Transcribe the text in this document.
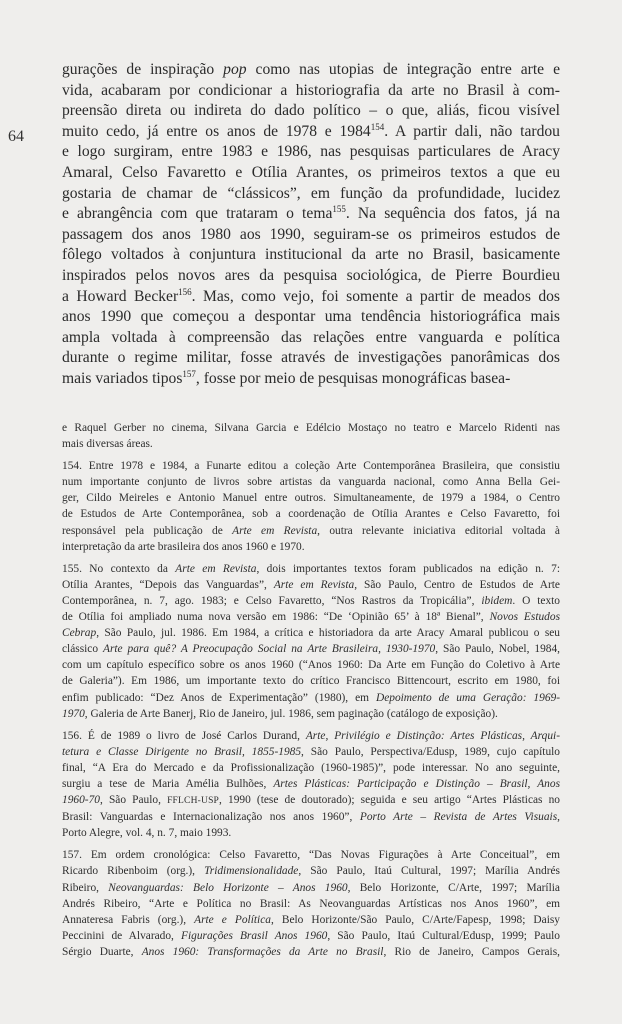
64
gurações de inspiração pop como nas utopias de integração entre arte e
vida, acabaram por condicionar a historiografia da arte no Brasil à com-
preensão direta ou indireta do dado político – o que, aliás, ficou visível
muito cedo, já entre os anos de 1978 e 1984$^{154}$. A partir dali, não tardou
e logo surgiram, entre 1983 e 1986, nas pesquisas particulares de Aracy
Amaral, Celso Favaretto e Otília Arantes, os primeiros textos a que eu
gostaria de chamar de “clássicos”, em função da profundidade, lucidez
e abrangência com que trataram o tema$^{155}$. Na sequência dos fatos, já na
passagem dos anos 1980 aos 1990, seguiram-se os primeiros estudos de
fôlego voltados à conjuntura institucional da arte no Brasil, basicamente
inspirados pelos novos ares da pesquisa sociológica, de Pierre Bourdieu
a Howard Becker$^{156}$. Mas, como vejo, foi somente a partir de meados dos
anos 1990 que começou a despontar uma tendência historiográfica mais
ampla voltada à compreensão das relações entre vanguarda e política
durante o regime militar, fosse através de investigações panorâmicas dos
mais variados tipos$^{157}$, fosse por meio de pesquisas monográficas basea-
e Raquel Gerber no cinema, Silvana Garcia e Edélcio Mostaço no teatro e Marcelo Ridenti nas
mais diversas áreas.
154. Entre 1978 e 1984, a Funarte editou a coleção Arte Contemporânea Brasileira, que consistiu
num importante conjunto de livros sobre artistas da vanguarda nacional, como Anna Bella Gei-
ger, Cildo Meireles e Antonio Manuel entre outros. Simultaneamente, de 1979 a 1984, o Centro
de Estudos de Arte Contemporânea, sob a coordenação de Otília Arantes e Celso Favaretto, foi
responsável pela publicação de Arte em Revista, outra relevante iniciativa editorial voltada à
interpretação da arte brasileira dos anos 1960 e 1970.
155. No contexto da Arte em Revista, dois importantes textos foram publicados na edição n. 7:
Otília Arantes, “Depois das Vanguardas”, Arte em Revista, São Paulo, Centro de Estudos de Arte
Contemporânea, n. 7, ago. 1983; e Celso Favaretto, “Nos Rastros da Tropicália”, ibidem. O texto
de Otília foi ampliado numa nova versão em 1986: “De ‘Opinião 65’ à 18ª Bienal”, Novos Estudos
Cebrap, São Paulo, jul. 1986. Em 1984, a crítica e historiadora da arte Aracy Amaral publicou o seu
clássico Arte para quê? A Preocupação Social na Arte Brasileira, 1930-1970, São Paulo, Nobel, 1984,
com um capítulo específico sobre os anos 1960 (“Anos 1960: Da Arte em Função do Coletivo à Arte
de Galeria”). Em 1986, um importante texto do crítico Francisco Bittencourt, escrito em 1980, foi
enfim publicado: “Dez Anos de Experimentação” (1980), em Depoimento de uma Geração: 1969-
1970, Galeria de Arte Banerj, Rio de Janeiro, jul. 1986, sem paginação (catálogo de exposição).
156. É de 1989 o livro de José Carlos Durand, Arte, Privilégio e Distinção: Artes Plásticas, Arqui-
tetura e Classe Dirigente no Brasil, 1855-1985, São Paulo, Perspectiva/Edusp, 1989, cujo capítulo
final, “A Era do Mercado e da Profissionalização (1960-1985)”, pode interessar. No ano seguinte,
surgiu a tese de Maria Amélia Bulhões, Artes Plásticas: Participação e Distinção – Brasil, Anos
1960-70, São Paulo, FFLCH-USP, 1990 (tese de doutorado); seguida e seu artigo “Artes Plásticas no
Brasil: Vanguardas e Internacionalização nos anos 1960”, Porto Arte – Revista de Artes Visuais,
Porto Alegre, vol. 4, n. 7, maio 1993.
157. Em ordem cronológica: Celso Favaretto, “Das Novas Figurações à Arte Conceitual”, em
Ricardo Ribenboim (org.), Tridimensionalidade, São Paulo, Itaú Cultural, 1997; Marília Andrés
Ribeiro, Neovanguardas: Belo Horizonte – Anos 1960, Belo Horizonte, C/Arte, 1997; Marília
Andrés Ribeiro, “Arte e Política no Brasil: As Neovanguardas Artísticas nos Anos 1960”, em
Annateresa Fabris (org.), Arte e Política, Belo Horizonte/São Paulo, C/Arte/Fapesp, 1998; Daisy
Peccinini de Alvarado, Figurações Brasil Anos 1960, São Paulo, Itaú Cultural/Edusp, 1999; Paulo
Sérgio Duarte, Anos 1960: Transformações da Arte no Brasil, Rio de Janeiro, Campos Gerais,
